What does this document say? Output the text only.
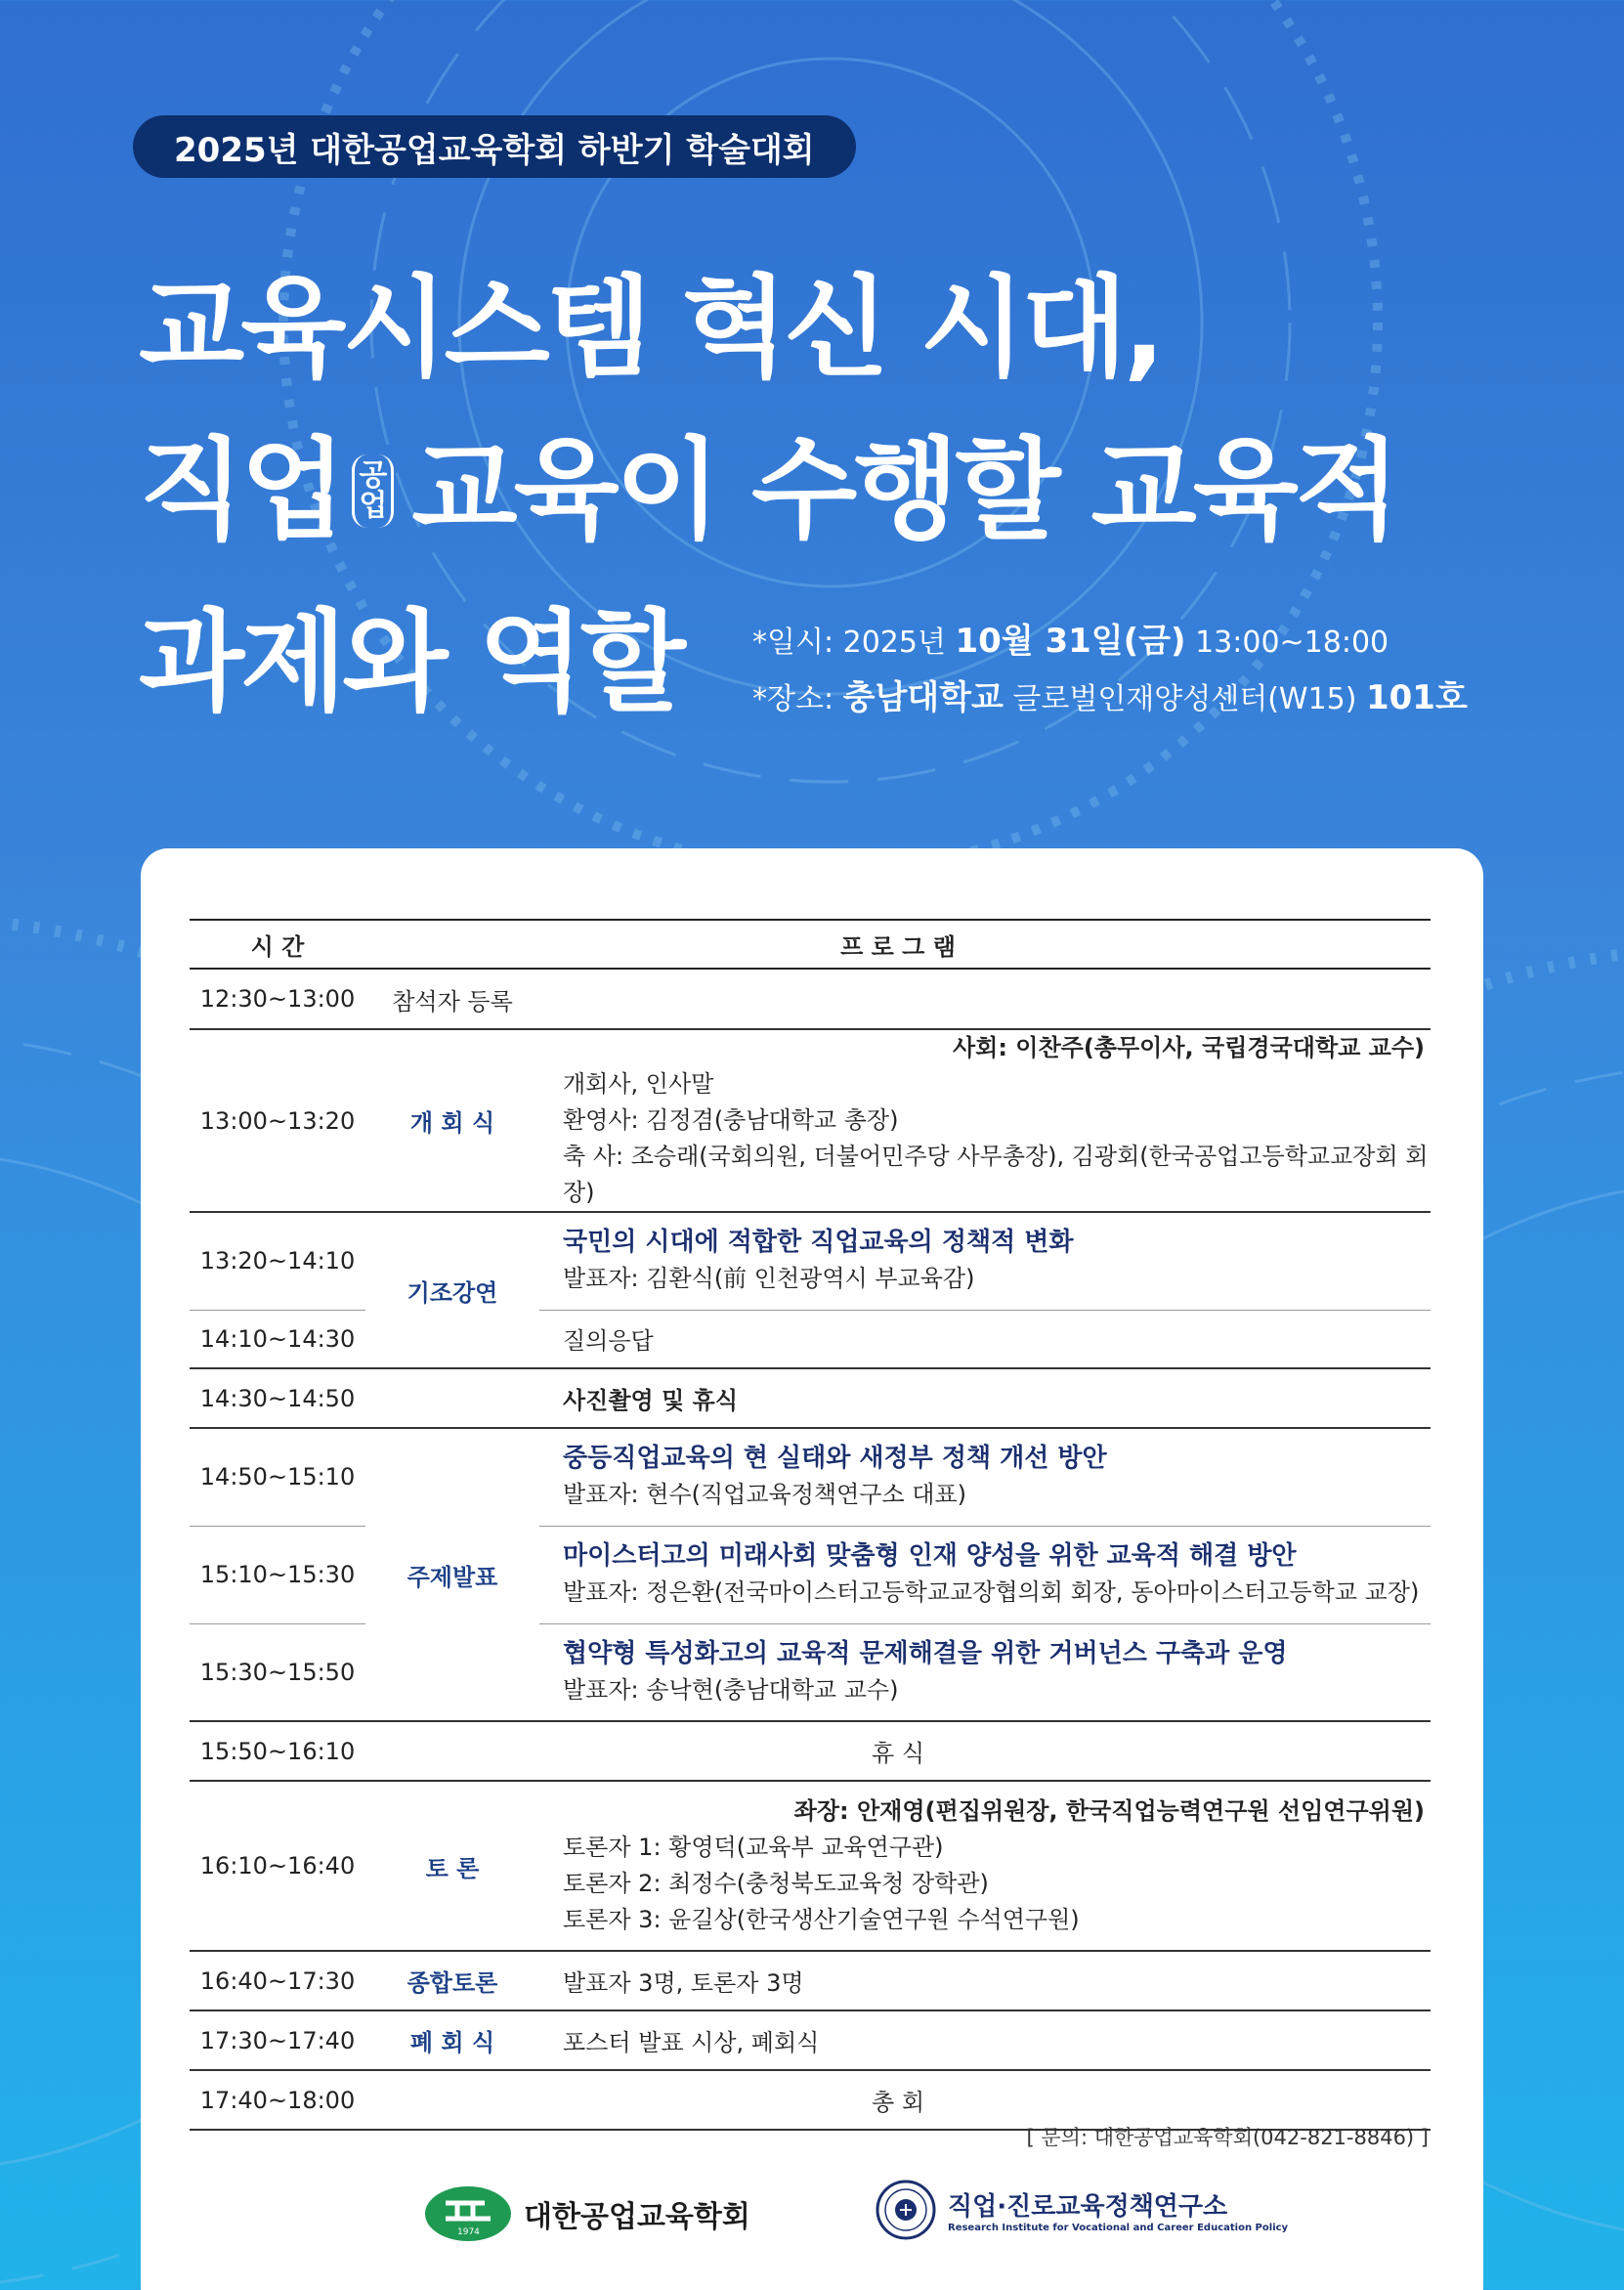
2025년 대한공업교육학회 하반기 학술대회
교육시스템 혁신 시대,
직업 공
업 교육이 수행할 교육적
과제와 역할 *일시: 2025년 10월 31일(금) 13:00~18:00
*장소: 충남대학교 글로벌인재양성센터(W15) 101호
시 간	프 로 그 램	
12:30~13:00	참석자 등록	
13:00~13:20	개 회 식	사회: 이찬주(총무이사, 국립경국대학교 교수)
개회사, 인사말
환영사: 김정겸(충남대학교 총장)
축 사: 조승래(국회의원, 더불어민주당 사무총장), 김광회(한국공업고등학교교장회 회장)

13:20~14:10	기조강연	국민의 시대에 적합한 직업교육의 정책적 변화
발표자: 김환식(前 인천광역시 부교육감)

14:10~14:30		질의응답
14:30~14:50		사진촬영 및 휴식
14:50~15:10	주제발표	중등직업교육의 현 실태와 새정부 정책 개선 방안
발표자: 현수(직업교육정책연구소 대표)

15:10~15:30		마이스터고의 미래사회 맞춤형 인재 양성을 위한 교육적 해결 방안
발표자: 정은환(전국마이스터고등학교교장협의회 회장, 동아마이스터고등학교 교장)

15:30~15:50		협약형 특성화고의 교육적 문제해결을 위한 거버넌스 구축과 운영
발표자: 송낙현(충남대학교 교수)

15:50~16:10	휴 식	
16:10~16:40	토 론	좌장: 안재영(편집위원장, 한국직업능력연구원 선임연구위원)
토론자 1: 황영덕(교육부 교육연구관)
토론자 2: 최정수(충청북도교육청 장학관)
토론자 3: 윤길상(한국생산기술연구원 수석연구원)

16:40~17:30	종합토론	발표자 3명, 토론자 3명
17:30~17:40	폐 회 식	포스터 발표 시상, 폐회식
17:40~18:00	총 회	
[ 문의: 대한공업교육학회(042-821-8846) ]
1974 대한공업교육학회	직업·진로교육정책연구소
Research Institute for Vocational and Career Education Policy
